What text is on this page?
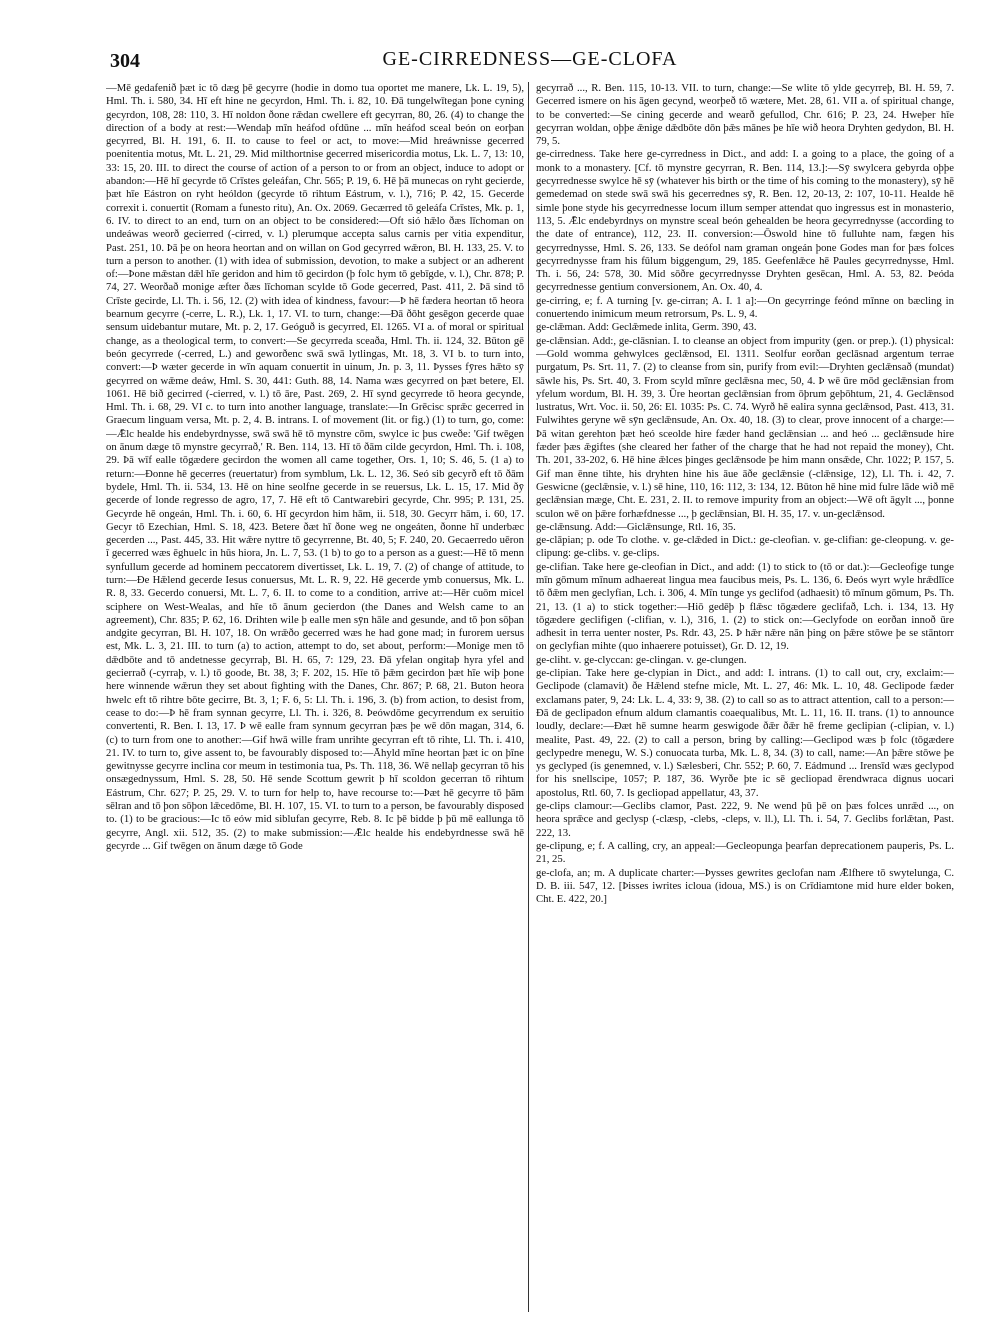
304	GE-CIRREDNESS—GE-CLOFA

—Mē gedafenið þæt ic tō dæg þē gecyrre (hodie in domo tua oportet me manere, Lk. L. 19, 5), Hml. Th. i. 580, 34. Hī eft hine ne gecyrdon, Hml. Th. i. 82, 10. Ðā tungelwītegan þone cyning gecyrdon, 108, 28: 110, 3. Hī noldon ðone rǣdan cwellere eft gecyrran, 80, 26. (4) to change the direction of a body at rest:—Wendaþ mīn heáfod ofdūne ... mīn heáfod sceal beón on eorþan gecyrred, Bl. H. 191, 6. II. to cause to feel or act, to move:—Mid hreáwnisse gecerred poenitentia motus, Mt. L. 21, 29. Mid milthortnise gecerred misericordia motus, Lk. L. 7, 13: 10, 33: 15, 20. III. to direct the course of action of a person to or from an object, induce to adopt or abandon:—Hē hī gecyrde tō Crīstes geleáfan, Chr. 565; P. 19, 6. Hē þā munecas on ryht gecierde, þæt hīe Eástron on ryht heóldon (gecyrde tō rihtum Eástrum, v. l.), 716; P. 42, 15. Gecerde correxit i. conuertit (Romam a funesto ritu), An. Ox. 2069. Gecærred tō geleáfa Crīstes, Mk. p. 1, 6. IV. to direct to an end, turn on an object to be considered:—Oft sió hǣlo ðæs līchoman on undeáwas weorð gecierred (-cirred, v. l.) plerumque accepta salus carnis per vitia expenditur, Past. 251, 10. Þā þe on heora heortan and on willan on God gecyrred wǣron, Bl. H. 133, 25. V. to turn a person to another. (1) with idea of submission, devotion, to make a subject or an adherent of:—Þone mǣstan dǣl hīe geridon and him tō gecirdon (þ folc hym tō gebīgde, v. l.), Chr. 878; P. 74, 27. Weorðað monige æfter ðæs līchoman scylde tō Gode gecerred, Past. 411, 2. Þā sind tō Crīste gecirde, Ll. Th. i. 56, 12. (2) with idea of kindness, favour:—Þ hē fæderа heortan tō heora bearnum gecyrre (-cerre, L. R.), Lk. 1, 17. VI. to turn, change:—Ðā ðōht gesēgon gecerde quae sensum uidebantur mutare, Mt. p. 2, 17. Geóguð is gecyrred, El. 1265. VI a. of moral or spiritual change, as a theological term, to convert:—Se gecyrreda sceaða, Hml. Th. ii. 124, 32. Būton gē beón gecyrrede (-cerred, L.) and geworðenc swā swā lytlingas, Mt. 18, 3. VI b. to turn into, convert:—Þ wæter gecerde in wīn aquam conuertit in uinum, Jn. p. 3, 11. Þysses fȳres hǣto sȳ gecyrred on wǣme deáw, Hml. S. 30, 441: Guth. 88, 14. Nama wæs gecyrred on þæt betere, El. 1061. Hē bið gecirred (-cierred, v. l.) tō āre, Past. 269, 2. Hī synd gecyrrede tō heora gecynde, Hml. Th. i. 68, 29. VI c. to turn into another language, translate:—In Grēcisc sprǣc gecerred in Graecum linguam versa, Mt. p. 2, 4. B. intrans. I. of movement (lit. or fig.) (1) to turn, go, come:—Ǣlc healde his endebyrdnysse, swā swā hē tō mynstre cōm, swylce ic þus cweðe: 'Gif twēgen on ānum dæge tō mynstre gecyrrað,' R. Ben. 114, 13. Hī tō ðām cilde gecyrdon, Hml. Th. i. 108, 29. Þā wīf ealle tōgædere gecirdon the women all came together, Ors. 1, 10; S. 46, 5. (1 a) to return:—Ðonne hē gecerres (reuertatur) from symblum, Lk. L. 12, 36. Seó sib gecyrð eft tō ðām bydele, Hml. Th. ii. 534, 13. Hē on hine seolfne gecerde in se reuersus, Lk. L. 15, 17. Mid ðȳ gecerde of londe regresso de agro, 17, 7. Hē eft tō Cantwarebiri gecyrde, Chr. 995; P. 131, 25. Gecyrde hē ongeán, Hml. Th. i. 60, 6. Hī gecyrdon him hām, ii. 518, 30. Gecyrr hām, i. 60, 17. Gecyr tō Ezechian, Hml. S. 18, 423. Betere ðæt hī ðone weg ne ongeáten, ðonne hī underbæc gecerden ..., Past. 445, 33. Hit wǣre nyttre tō gecyrrenne, Bt. 40, 5; F. 240, 20. Gecaerredo uēron ī gecerred wæs ēghuelc in hūs hiora, Jn. L. 7, 53. (1 b) to go to a person as a guest:—Hē tō menn synfullum gecerde ad hominem peccatorem divertisset, Lk. L. 19, 7. (2) of change of attitude, to turn:—Ðe Hǣlend gecerde Iesus conuersus, Mt. L. R. 9, 22. Hē gecerde ymb conuersus, Mk. L. R. 8, 33. Gecerdo conuersi, Mt. L. 7, 6. II. to come to a condition, arrive at:—Hēr cuōm micel sciphere on West-Wealas, and hīe tō ānum gecierdon (the Danes and Welsh came to an agreement), Chr. 835; P. 62, 16. Drihten wile þ ealle men sȳn hāle and gesunde, and tō þon sōþan andgite gecyrran, Bl. H. 107, 18. On wrǣðo gecerred wæs he had gone mad; in furorem uersus est, Mk. L. 3, 21. III. to turn (a) to action, attempt to do, set about, perform:—Monige men tō dǣdbōte and tō andetnesse gecyrraþ, Bl. H. 65, 7: 129, 23. Ðā yfelan ongitaþ hyra yfel and gecierrað (-cyrraþ, v. l.) tō goode, Bt. 38, 3; F. 202, 15. Hīe tō þǣm gecirdon þæt hīe wiþ þone here winnende wǣrun they set about fighting with the Danes, Chr. 867; P. 68, 21. Buton heora hwelc eft tō rihtre bōte gecirre, Bt. 3, 1; F. 6, 5: Ll. Th. i. 196, 3. (b) from action, to desist from, cease to do:—Þ hē fram synnan gecyrre, Ll. Th. i. 326, 8. Þeówdōme gecyrrendum ex seruitio convertenti, R. Ben. I. 13, 17. Þ wē ealle fram synnum gecyrran þæs þe wē dōn magan, 314, 6. (c) to turn from one to another:—Gif hwā wille fram unrihte gecyrran eft tō rihte, Ll. Th. i. 410, 21. IV. to turn to, give assent to, be favourably disposed to:—Āhyld mīne heortan þæt ic on þīne gewitnysse gecyrre inclina cor meum in testimonia tua, Ps. Th. 118, 36. Wē nellaþ gecyrran tō his onsægednyssum, Hml. S. 28, 50. Hē sende Scottum gewrit þ hī scoldon gecerran tō rihtum Eástrum, Chr. 627; P. 25, 29. V. to turn for help to, have recourse to:—Þæt hē gecyrre tō þām sēlran and tō þon sōþon lǣcedōme, Bl. H. 107, 15. VI. to turn to a person, be favourably disposed to. (1) to be gracious:—Ic tō eów mid siblufan gecyrre, Reb. 8. Ic þē bidde þ þū mē eallunga tō gecyrre, Angl. xii. 512, 35. (2) to make submission:—Ǣlc healde his endebyrdnesse swā hē gecyrde ... Gif twēgen on ānum dæge tō Gode

gecyrrað ..., R. Ben. 115, 10-13. VII. to turn, change:—Se wlite tō ylde gecyrreþ, Bl. H. 59, 7. Gecerred ismere on his āgen gecynd, weorþeð tō wætere, Met. 28, 61. VII a. of spiritual change, to be converted:—Se cining gecerde and wearð gefullod, Chr. 616; P. 23, 24. Hweþer hīe gecyrran woldan, oþþe ǣnige dǣdbōte dōn þǣs mānes þe hīe wið heora Dryhten gedydon, Bl. H. 79, 5.

ge-cirredness. Take here ge-cyrredness in Dict., and add: I. a going to a place, the going of a monk to a monastery. [Cf. tō mynstre gecyrran, R. Ben. 114, 13.]:—Sȳ swylcera gebyrda oþþe gecyrrednesse swylce hē sȳ (whatever his birth or the time of his coming to the monastery), sȳ hē gemedemad on stede swā swā his gecerrednes sȳ, R. Ben. 12, 20-13, 2: 107, 10-11. Healde hē simle þone styde his gecyrrednesse locum illum semper attendat quo ingressus est in monasterio, 113, 5. Ǣlc endebyrdnys on mynstre sceal beón gehealden be heora gecyrrednysse (according to the date of entrance), 112, 23. II. conversion:—Ōswold hine tō fulluhte nam, fægen his gecyrrednysse, Hml. S. 26, 133. Se deófol nam graman ongeán þone Godes man for þæs folces gecyrrednysse fram his fūlum biggengum, 29, 185. Geefenlǣce hē Paules gecyrrednysse, Hml. Th. i. 56, 24: 578, 30. Mid sōðre gecyrrednysse Dryhten gesēcan, Hml. A. 53, 82. Þeóda gecyrrednesse gentium conversionem, An. Ox. 40, 4.

ge-cirring, e; f. A turning [v. ge-cirran; A. I. 1 a]:—On gecyrringe feónd mīnne on bæcling in conuertendo inimicum meum retrorsum, Ps. L. 9, 4.

ge-clǣman. Add: Geclǣmede inlita, Germ. 390, 43.

ge-clǣnsian. Add:, ge-clāsnian. I. to cleanse an object from impurity (gen. or prep.). (1) physical:—Gold womma gehwylces geclǣnsod, El. 1311. Seolfur eorðan geclāsnad argentum terrae purgatum, Ps. Srt. 11, 7. (2) to cleanse from sin, purify from evil:—Dryhten geclǣnsað (mundat) sāwle his, Ps. Srt. 40, 3. From scyld mīnre geclǣsna mec, 50, 4. Þ wē ūre mōd geclǣnsian from yfelum wordum, Bl. H. 39, 3. Ūre heortan geclǣnsian from ōþrum geþōhtum, 21, 4. Geclǣnsod lustratus, Wrt. Voc. ii. 50, 26: El. 1035: Ps. C. 74. Wyrð hē ealira synna geclǣnsod, Past. 413, 31. Fulwihtes geryne wē sȳn geclǣnsude, An. Ox. 40, 18. (3) to clear, prove innocent of a charge:—Þā witan gerehton þæt heó sceolde hire fæder hand geclǣnsian ... and heó ... geclǣnsude hire fæder þæs ǣgiftes (she cleared her father of the charge that he had not repaid the money), Cht. Th. 201, 33-202, 6. Hē hine ǣlces þinges geclǣnsode þe him mann onsǣde, Chr. 1022; P. 157, 5. Gif man ēnne tihte, his dryhten hine his āue āðe geclǣnsie (-clǣnsige, 12), Ll. Th. i. 42, 7. Geswicne (geclǣnsie, v. l.) sē hine, 110, 16: 112, 3: 134, 12. Būton hē hine mid fulre lāde wið mē geclǣnsian mæge, Cht. E. 231, 2. II. to remove impurity from an object:—Wē oft āgylt ..., þonne sculon wē on þǣre forhæfdnesse ..., þ geclǣnsian, Bl. H. 35, 17. v. un-geclǣnsod.

ge-clǣnsung. Add:—Giclǣnsunge, Rtl. 16, 35.

ge-clāpian; p. ode To clothe. v. ge-clǣded in Dict.: ge-cleofian. v. ge-clifian: ge-cleopung. v. ge-clipung: ge-clibs. v. ge-clips.

ge-clifian. Take here ge-cleofian in Dict., and add: (1) to stick to (tō or dat.):—Gecleofige tunge mīn gōmum mīnum adhaereat lingua mea faucibus meis, Ps. L. 136, 6. Ðeós wyrt wyle hrǣdlīce tō ðǣm men geclyfian, Lch. i. 306, 4. Mīn tunge ys geclifod (adhaesit) tō mīnum gōmum, Ps. Th. 21, 13. (1 a) to stick together:—Hiō gedēþ þ flǣsc tōgædere geclifað, Lch. i. 134, 13. Hȳ tōgædere geclifigen (-clifian, v. l.), 316, 1. (2) to stick on:—Geclyfode on eorðan innoð ūre adhesit in terra uenter noster, Ps. Rdr. 43, 25. Þ hǣr nǣre nān þing on þǣre stōwe þe se stāntorr on geclyfian mihte (quo inhaerere potuisset), Gr. D. 12, 19.

ge-cliht. v. ge-clyccan: ge-clingan. v. ge-clungen.

ge-clipian. Take here ge-clypian in Dict., and add: I. intrans. (1) to call out, cry, exclaim:—Geclipode (clamavit) ðe Hǣlend stefne micle, Mt. L. 27, 46: Mk. L. 10, 48. Geclipode fæder exclamans pater, 9, 24: Lk. L. 4, 33: 9, 38. (2) to call so as to attract attention, call to a person:—Ðā de geclipadon efnum aldum clamantis coaequalibus, Mt. L. 11, 16. II. trans. (1) to announce loudly, declare:—Ðæt hē sumne hearm geswigode ðǣr ðǣr hē freme geclipian (-clipian, v. l.) mealite, Past. 49, 22. (2) to call a person, bring by calling:—Geclipod wæs þ folc (tōgædere geclypedre menegu, W. S.) conuocata turba, Mk. L. 8, 34. (3) to call, name:—An þǣre stōwe þe ys geclyped (is genemned, v. l.) Sælesberi, Chr. 552; P. 60, 7. Eádmund ... Irensīd wæs geclypod for his snellscipe, 1057; P. 187, 36. Wyrðe þte ic sē gecliopad ērendwraca dignus uocari apostolus, Rtl. 60, 7. Is gecliopad appellatur, 43, 37.

ge-clips clamour:—Geclibs clamor, Past. 222, 9. Ne wend þū þē on þæs folces unrǣd ..., on heora sprǣce and geclysp (-clæsp, -clebs, -cleps, v. ll.), Ll. Th. i. 54, 7. Geclibs forlǣtan, Past. 222, 13.

ge-clipung, e; f. A calling, cry, an appeal:—Gecleopunga þearfan deprecationem pauperis, Ps. L. 21, 25.

ge-clofa, an; m. A duplicate charter:—Þysses gewrites geclofan nam Ǣlfhere tō swytelunga, C. D. B. iii. 547, 12. [Þisses iwrites icloua (idoua, MS.) is on Crīdiamtone mid hure elder boken, Cht. E. 422, 20.]
